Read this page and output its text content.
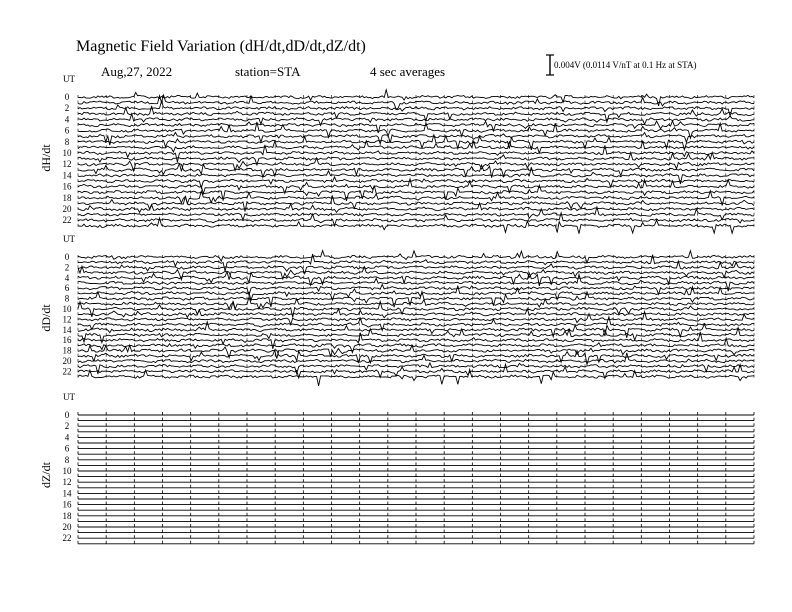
Magnetic Field Variation (dH/dt,dD/dt,dZ/dt)
Aug,27, 2022	station=STA	4 sec averages	0.004V (0.0114 V/nT at 0.1 Hz at STA)
dH/dt
UT
0
2
4
6
8
10
12
14
16
18
20
22
dD/dt
UT
0
2
4
6
8
10
12
14
16
18
20
22
dZ/dt
UT
0
2
4
6
8
10
12
14
16
18
20
22
